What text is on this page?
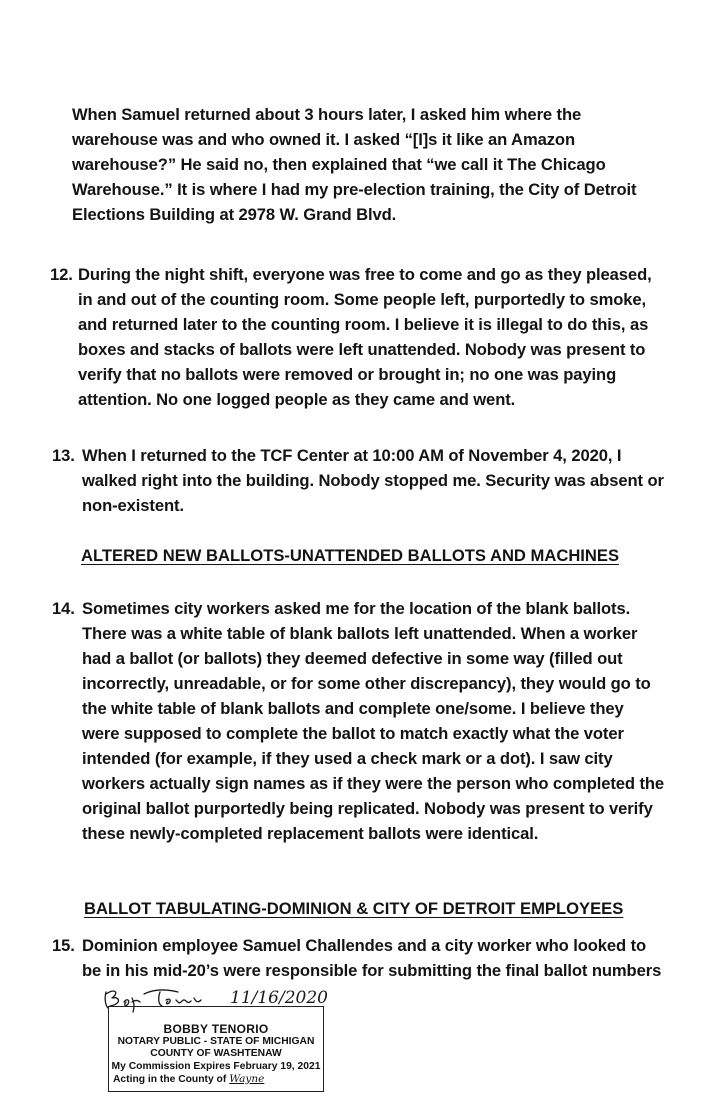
When Samuel returned about 3 hours later, I asked him where the
warehouse was and who owned it. I asked “[I]s it like an Amazon
warehouse?” He said no, then explained that “we call it The Chicago
Warehouse.” It is where I had my pre-election training, the City of Detroit
Elections Building at 2978 W. Grand Blvd.
12. During the night shift, everyone was free to come and go as they pleased,
in and out of the counting room. Some people left, purportedly to smoke,
and returned later to the counting room. I believe it is illegal to do this, as
boxes and stacks of ballots were left unattended. Nobody was present to
verify that no ballots were removed or brought in; no one was paying
attention. No one logged people as they came and went.
13. When I returned to the TCF Center at 10:00 AM of November 4, 2020, I
walked right into the building. Nobody stopped me. Security was absent or
non-existent.
ALTERED NEW BALLOTS-UNATTENDED BALLOTS AND MACHINES
14. Sometimes city workers asked me for the location of the blank ballots.
There was a white table of blank ballots left unattended. When a worker
had a ballot (or ballots) they deemed defective in some way (filled out
incorrectly, unreadable, or for some other discrepancy), they would go to
the white table of blank ballots and complete one/some. I believe they
were supposed to complete the ballot to match exactly what the voter
intended (for example, if they used a check mark or a dot). I saw city
workers actually sign names as if they were the person who completed the
original ballot purportedly being replicated. Nobody was present to verify
these newly-completed replacement ballots were identical.
BALLOT TABULATING-DOMINION & CITY OF DETROIT EMPLOYEES
15. Dominion employee Samuel Challendes and a city worker who looked to
be in his mid-20’s were responsible for submitting the final ballot numbers
BOBBY TENORIO
NOTARY PUBLIC - STATE OF MICHIGAN
COUNTY OF WASHTENAW
My Commission Expires February 19, 2021
Acting in the County of Wayne
11/16/2020
